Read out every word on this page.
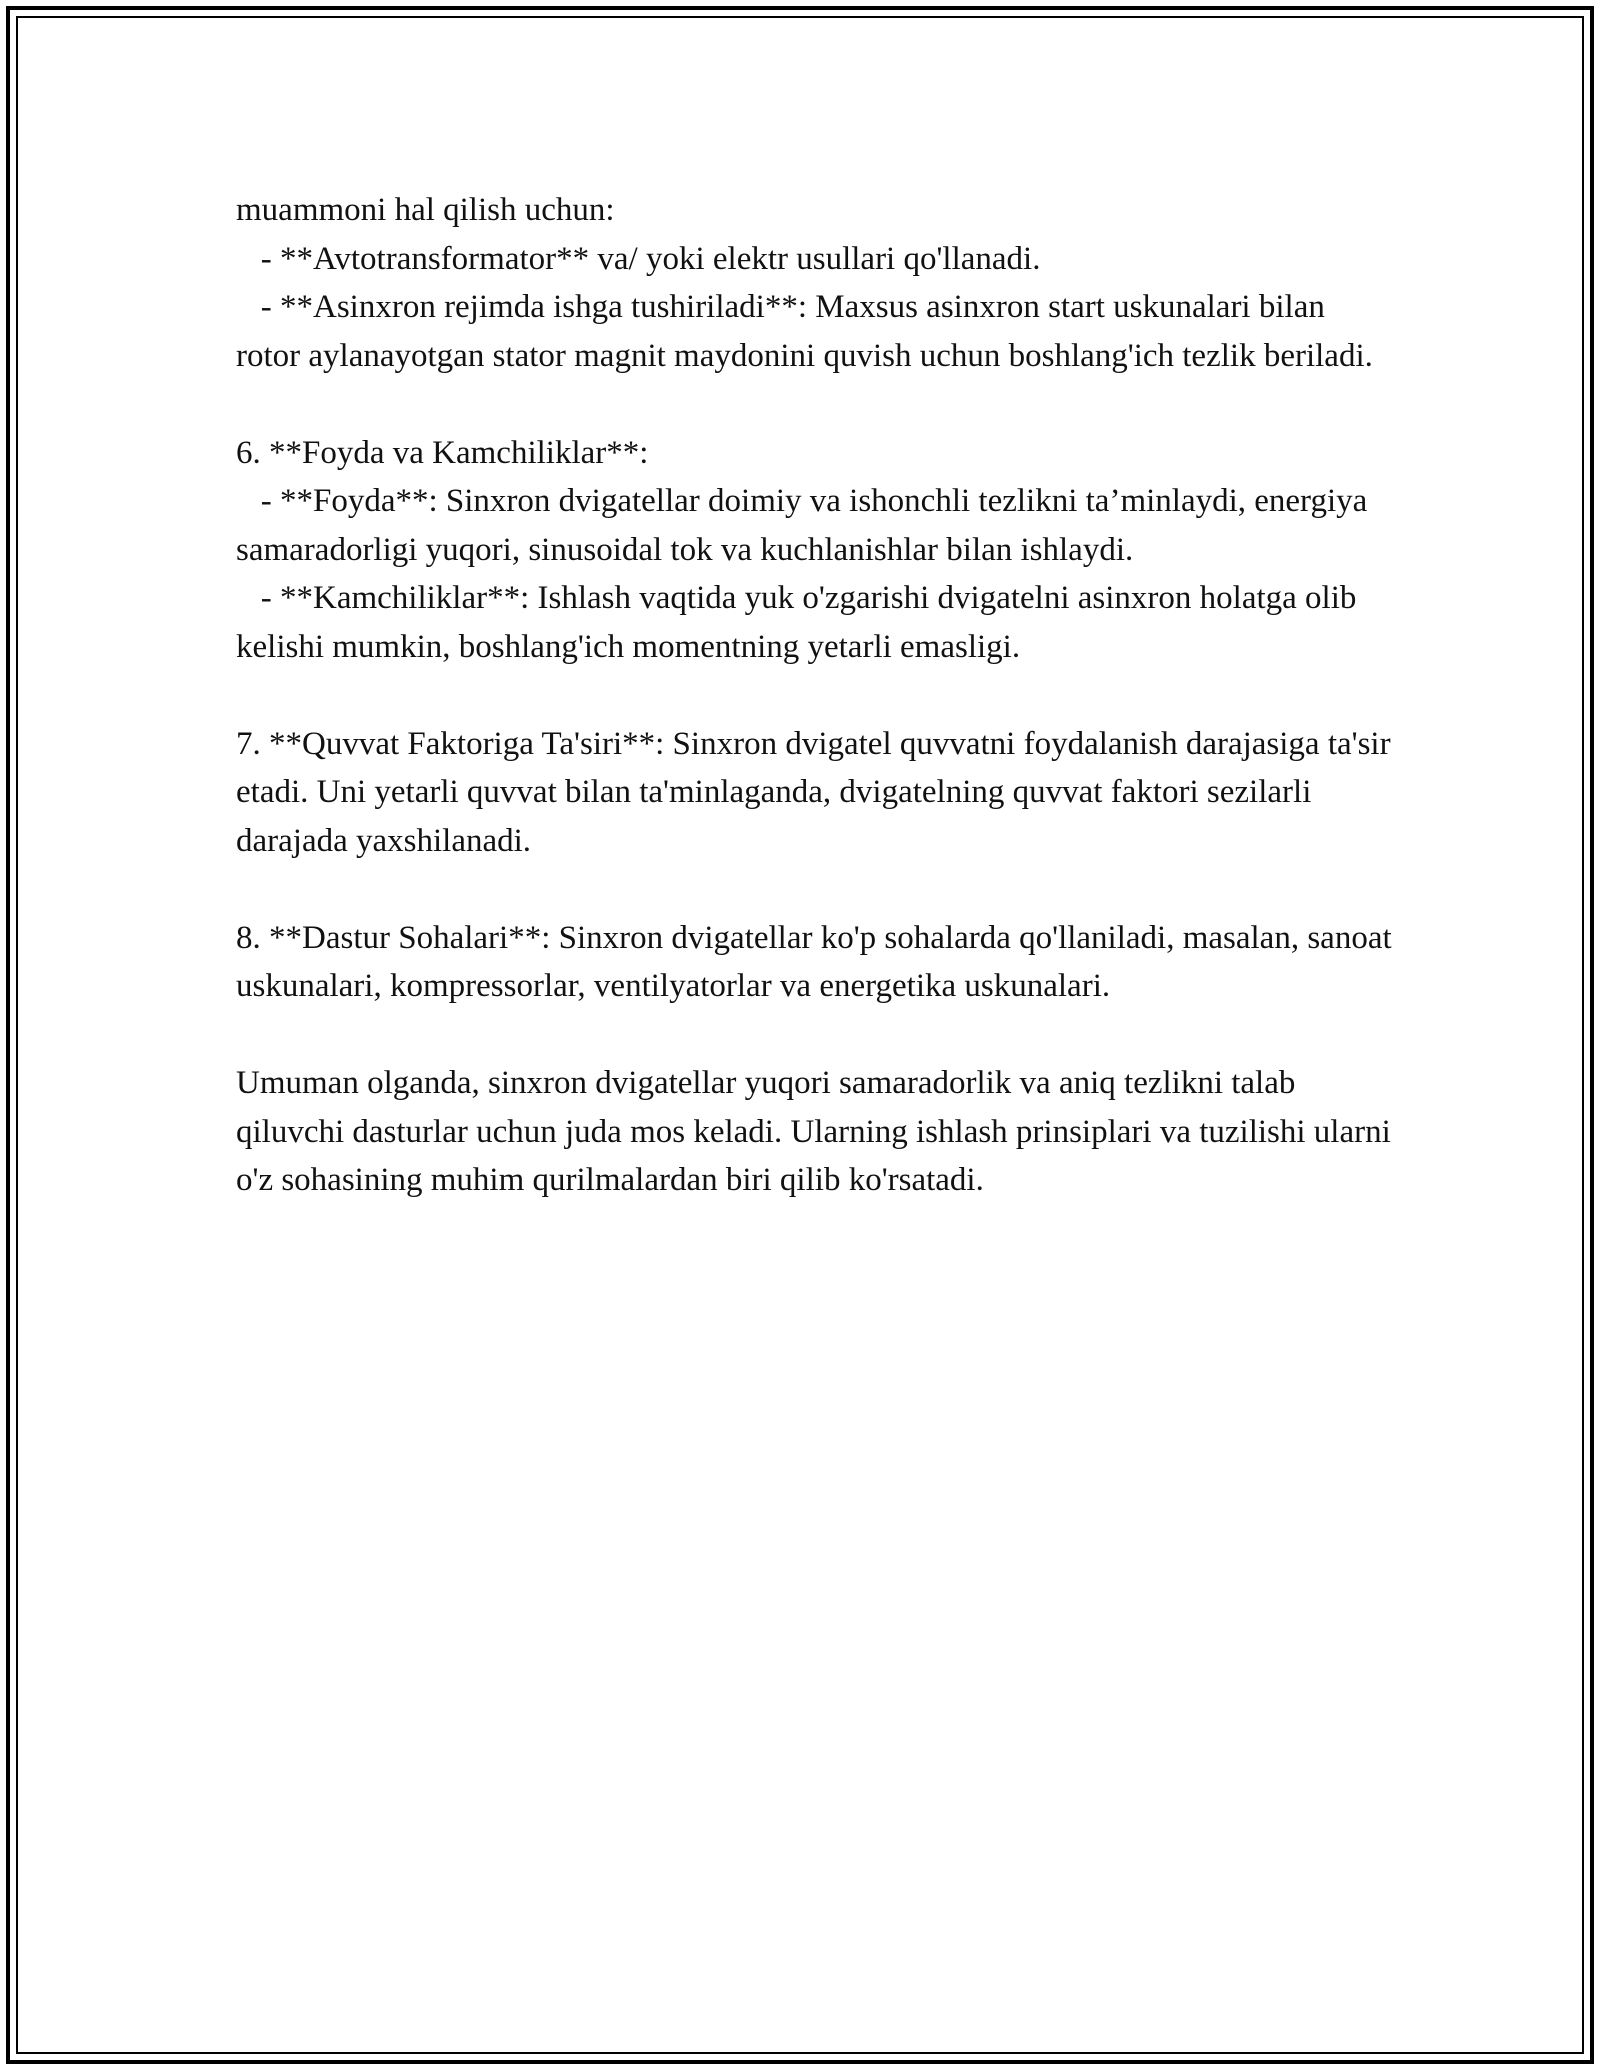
muammoni hal qilish uchun:

- **Avtotransformator** va/ yoki elektr usullari qo'llanadi.

- **Asinxron rejimda ishga tushiriladi**: Maxsus asinxron start uskunalari bilan rotor aylanayotgan stator magnit maydonini quvish uchun boshlang'ich tezlik beriladi.

6. **Foyda va Kamchiliklar**:

- **Foyda**: Sinxron dvigatellar doimiy va ishonchli tezlikni ta’minlaydi, energiya samaradorligi yuqori, sinusoidal tok va kuchlanishlar bilan ishlaydi.

- **Kamchiliklar**: Ishlash vaqtida yuk o'zgarishi dvigatelni asinxron holatga olib kelishi mumkin, boshlang'ich momentning yetarli emasligi.

7. **Quvvat Faktoriga Ta'siri**: Sinxron dvigatel quvvatni foydalanish darajasiga ta'sir etadi. Uni yetarli quvvat bilan ta'minlaganda, dvigatelning quvvat faktori sezilarli darajada yaxshilanadi.

8. **Dastur Sohalari**: Sinxron dvigatellar ko'p sohalarda qo'llaniladi, masalan, sanoat uskunalari, kompressorlar, ventilyatorlar va energetika uskunalari.

Umuman olganda, sinxron dvigatellar yuqori samaradorlik va aniq tezlikni talab qiluvchi dasturlar uchun juda mos keladi. Ularning ishlash prinsiplari va tuzilishi ularni o'z sohasining muhim qurilmalardan biri qilib ko'rsatadi.
